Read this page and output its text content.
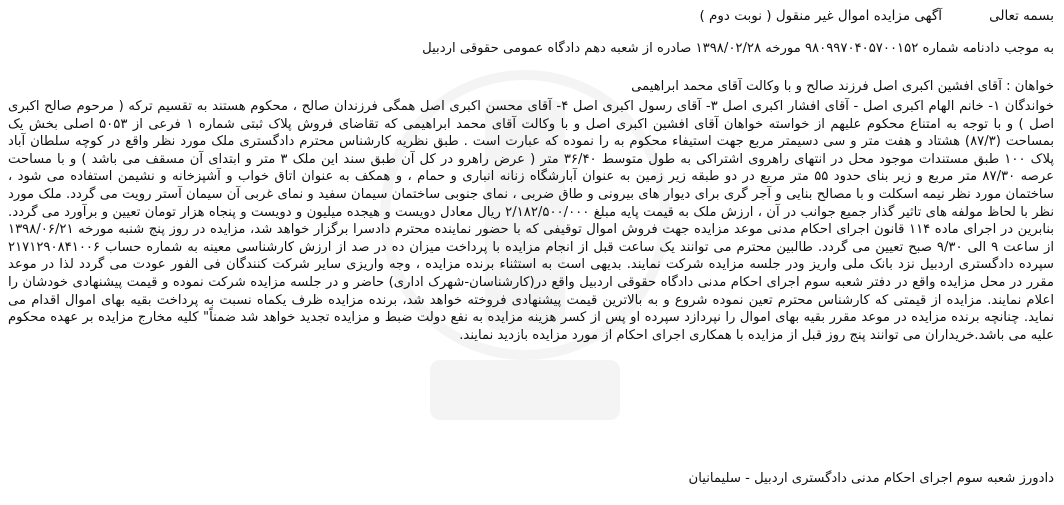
بسمه تعالی
آگهی مزایده اموال غیر منقول ( نوبت دوم )
به موجب دادنامه شماره ۹۸۰۹۹۷۰۴۰۵۷۰۰۱۵۲ مورخه ۱۳۹۸/۰۲/۲۸ صادره از شعبه دهم دادگاه عمومی حقوقی اردبیل
خواهان : آقای افشین اکبری اصل فرزند صالح و با وکالت آقای محمد ابراهیمی
خواندگان ۱- خانم الهام اکبری اصل - آقای افشار اکبری اصل ۳- آقای رسول اکبری اصل ۴- آقای محسن اکبری اصل همگی فرزندان صالح ، محکوم هستند به تقسیم ترکه ( مرحوم صالح اکبری اصل ) و با توجه به امتناع محکوم علیهم از خواسته خواهان آقای افشین اکبری اصل و با وکالت آقای محمد ابراهیمی که تقاضای فروش پلاک ثبتی شماره ۱ فرعی از ۵۰۵۳ اصلی بخش یک بمساحت (۸۷/۳) هشتاد و هفت متر و سی دسیمتر مربع جهت استیفاء محکوم به را نموده که عبارت است . طبق نظریه کارشناس محترم دادگستری ملک مورد نظر واقع در کوچه سلطان آباد پلاک ۱۰۰ طبق مستندات موجود محل در انتهای راهروی اشتراکی به طول متوسط ۳۶/۴۰ متر ( عرض راهرو در کل آن طبق سند این ملک ۳ متر و ابتدای آن مسقف می باشد ) و با مساحت عرصه ۸۷/۳۰ متر مربع و زیر بنای حدود ۵۵ متر مربع در دو طبقه زیر زمین به عنوان آبارشگاه زنانه انباری و حمام ، و همکف به عنوان اتاق خواب و آشپزخانه و نشیمن استفاده می شود ، ساختمان مورد نظر نیمه اسکلت و با مصالح بنایی و آجر گری برای دیوار های بیرونی و طاق ضربی ، نمای جنوبی ساختمان سیمان سفید و نمای غربی آن سیمان آستر رویت می گردد. ملک مورد نظر با لحاظ مولفه های تاثیر گذار جمیع جوانب در آن ، ارزش ملک به قیمت پایه مبلغ ۲/۱۸۲/۵۰۰/۰۰۰ ریال معادل دویست و هیجده میلیون و دویست و پنجاه هزار تومان تعیین و برآورد می گردد. بنابرین در اجرای ماده ۱۱۴ قانون اجرای احکام مدنی موعد مزایده جهت فروش اموال توقیفی که با حضور نماینده محترم دادسرا برگزار خواهد شد، مزایده در روز پنج شنبه مورخه ۱۳۹۸/۰۶/۲۱ از ساعت ۹ الی ۹/۳۰ صبح تعیین می گردد. طالبین محترم می توانند یک ساعت قبل از انجام مزایده با پرداخت میزان ده در صد از ارزش کارشناسی معینه به شماره حساب ۲۱۷۱۲۹۰۸۴۱۰۰۶ سپرده دادگستری اردبیل نزد بانک ملی واریز ودر جلسه مزایده شرکت نمایند. بدیهی است به استثناء برنده مزایده ، وجه واریزی سایر شرکت کنندگان فی الفور عودت می گردد لذا در موعد مقرر در محل مزایده واقع در دفتر شعبه سوم اجرای احکام مدنی دادگاه حقوقی اردبیل واقع در(کارشناسان-شهرک اداری) حاضر و در جلسه مزایده شرکت نموده و قیمت پیشنهادی خودشان را اعلام نمایند. مزایده از قیمتی که کارشناس محترم تعین نموده شروع و به بالاترین قیمت پیشنهادی فروخته خواهد شد، برنده مزایده ظرف یکماه نسبت به پرداخت بقیه بهای اموال اقدام می نماید. چنانچه برنده مزایده در موعد مقرر بقیه بهای اموال را نپردازد سپرده او پس از کسر هزینه مزایده به نفع دولت ضبط و مزایده تجدید خواهد شد ضمناً" کلیه مخارج مزایده بر عهده محکوم علیه می باشد.خریداران می توانند پنج روز قبل از مزایده با همکاری اجرای احکام از مورد مزایده بازدید نمایند.
دادورز شعبه سوم اجرای احکام مدنی دادگستری اردبیل - سلیمانیان
